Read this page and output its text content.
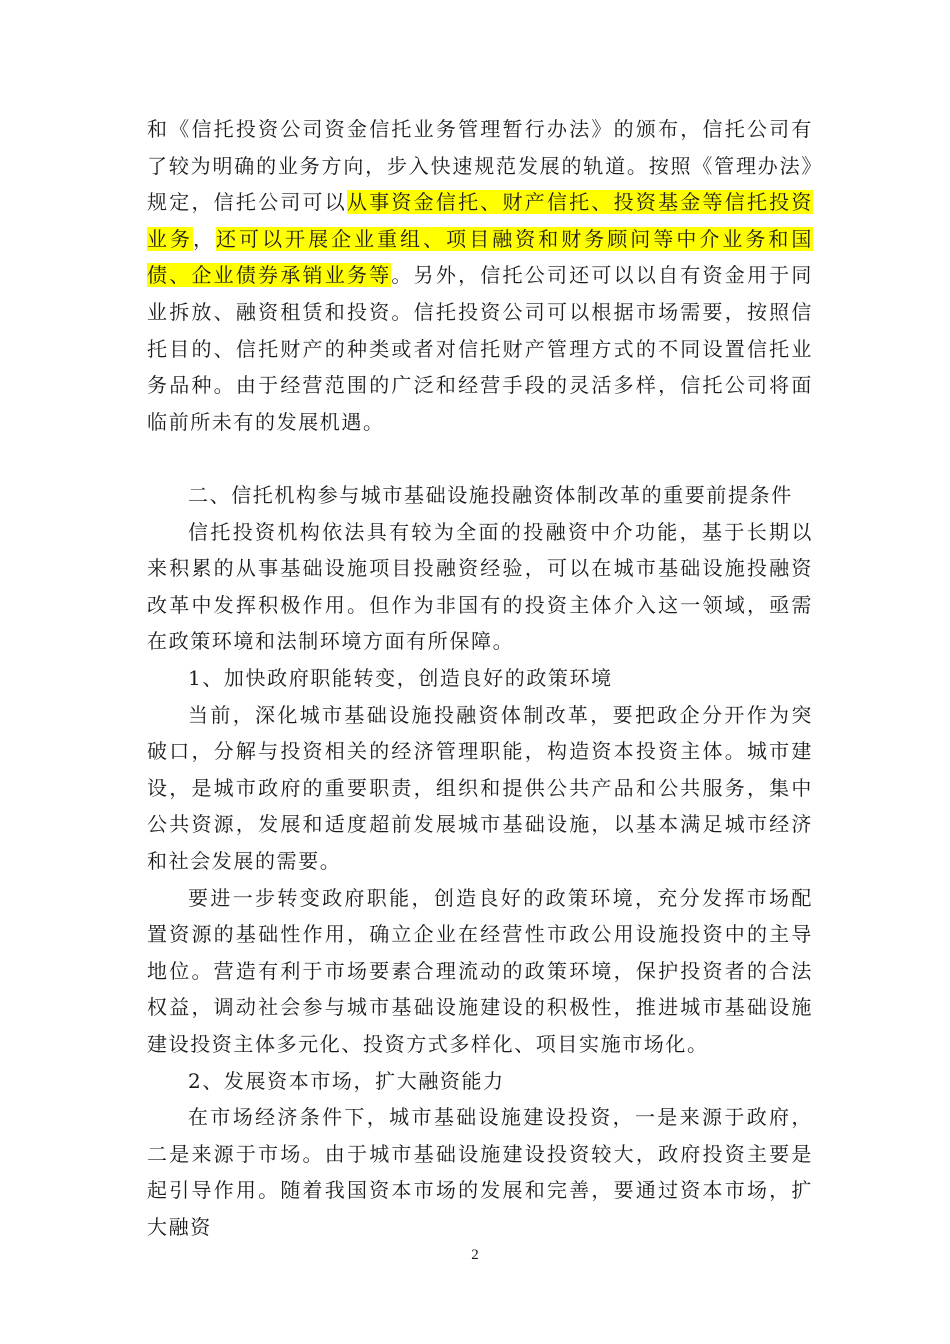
和《信托投资公司资金信托业务管理暂行办法》的颁布，信托公司有了较为明确的业务方向，步入快速规范发展的轨道。按照《管理办法》规定，信托公司可以从事资金信托、财产信托、投资基金等信托投资业务，还可以开展企业重组、项目融资和财务顾问等中介业务和国债、企业债券承销业务等。另外，信托公司还可以以自有资金用于同业拆放、融资租赁和投资。信托投资公司可以根据市场需要，按照信托目的、信托财产的种类或者对信托财产管理方式的不同设置信托业务品种。由于经营范围的广泛和经营手段的灵活多样，信托公司将面临前所未有的发展机遇。

二、信托机构参与城市基础设施投融资体制改革的重要前提条件

信托投资机构依法具有较为全面的投融资中介功能，基于长期以来积累的从事基础设施项目投融资经验，可以在城市基础设施投融资改革中发挥积极作用。但作为非国有的投资主体介入这一领域，亟需在政策环境和法制环境方面有所保障。

1、加快政府职能转变，创造良好的政策环境

当前，深化城市基础设施投融资体制改革，要把政企分开作为突破口，分解与投资相关的经济管理职能，构造资本投资主体。城市建设，是城市政府的重要职责，组织和提供公共产品和公共服务，集中公共资源，发展和适度超前发展城市基础设施，以基本满足城市经济和社会发展的需要。

要进一步转变政府职能，创造良好的政策环境，充分发挥市场配置资源的基础性作用，确立企业在经营性市政公用设施投资中的主导地位。营造有利于市场要素合理流动的政策环境，保护投资者的合法权益，调动社会参与城市基础设施建设的积极性，推进城市基础设施建设投资主体多元化、投资方式多样化、项目实施市场化。

2、发展资本市场，扩大融资能力

在市场经济条件下，城市基础设施建设投资，一是来源于政府，二是来源于市场。由于城市基础设施建设投资较大，政府投资主要是起引导作用。随着我国资本市场的发展和完善，要通过资本市场，扩大融资

2
